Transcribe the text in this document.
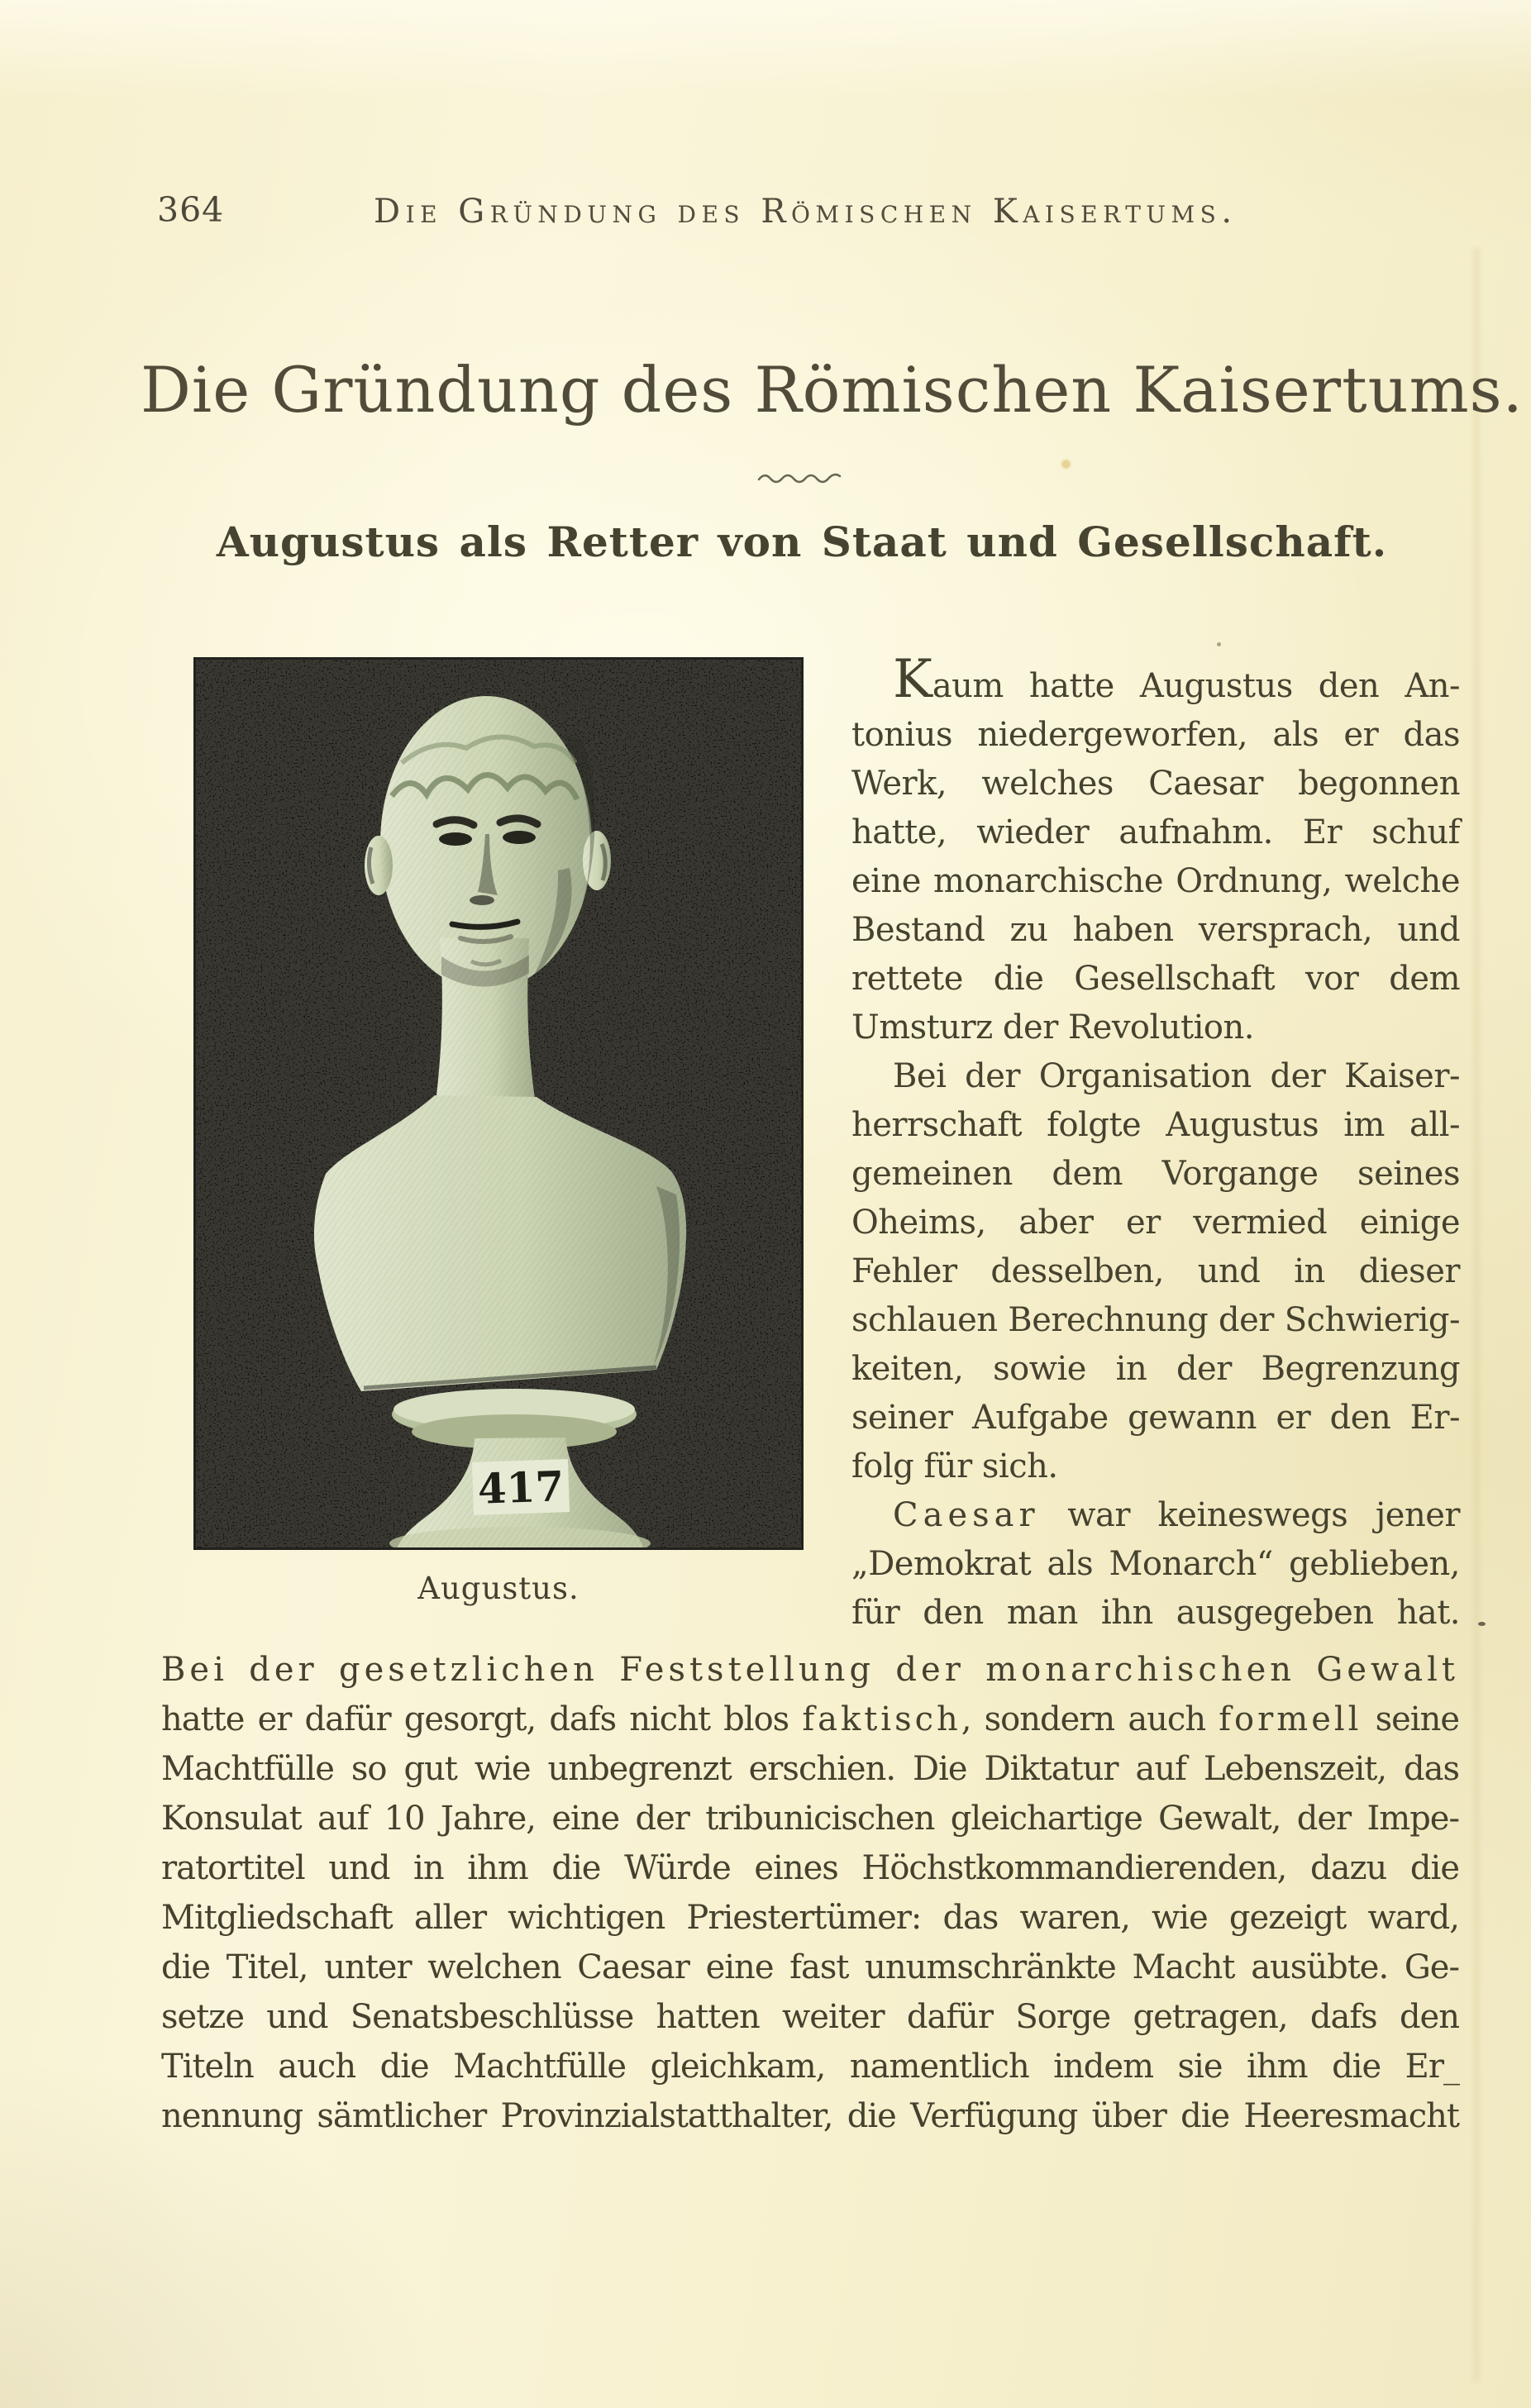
364	Die Gründung des Römischen Kaisertums.
Die Gründung des Römischen Kaisertums.
Augustus als Retter von Staat und Gesellschaft.
417
Augustus.
Kaum hatte Augustus den An-
tonius niedergeworfen, als er das
Werk, welches Caesar begonnen
hatte, wieder aufnahm. Er schuf
eine monarchische Ordnung, welche
Bestand zu haben versprach, und
rettete die Gesellschaft vor dem
Umsturz der Revolution.
Bei der Organisation der Kaiser-
herrschaft folgte Augustus im all-
gemeinen dem Vorgange seines
Oheims, aber er vermied einige
Fehler desselben, und in dieser
schlauen Berechnung der Schwierig-
keiten, sowie in der Begrenzung
seiner Aufgabe gewann er den Er-
folg für sich.
Caesar war keineswegs jener
„Demokrat als Monarch“ geblieben,
für den man ihn ausgegeben hat.
Bei der gesetzlichen Feststellung der monarchischen Gewalt
hatte er dafür gesorgt, dafs nicht blos faktisch, sondern auch formell seine
Machtfülle so gut wie unbegrenzt erschien. Die Diktatur auf Lebenszeit, das
Konsulat auf 10 Jahre, eine der tribunicischen gleichartige Gewalt, der Impe-
ratortitel und in ihm die Würde eines Höchstkommandierenden, dazu die
Mitgliedschaft aller wichtigen Priestertümer: das waren, wie gezeigt ward,
die Titel, unter welchen Caesar eine fast unumschränkte Macht ausübte. Ge-
setze und Senatsbeschlüsse hatten weiter dafür Sorge getragen, dafs den
Titeln auch die Machtfülle gleichkam, namentlich indem sie ihm die Er_
nennung sämtlicher Provinzialstatthalter, die Verfügung über die Heeresmacht
